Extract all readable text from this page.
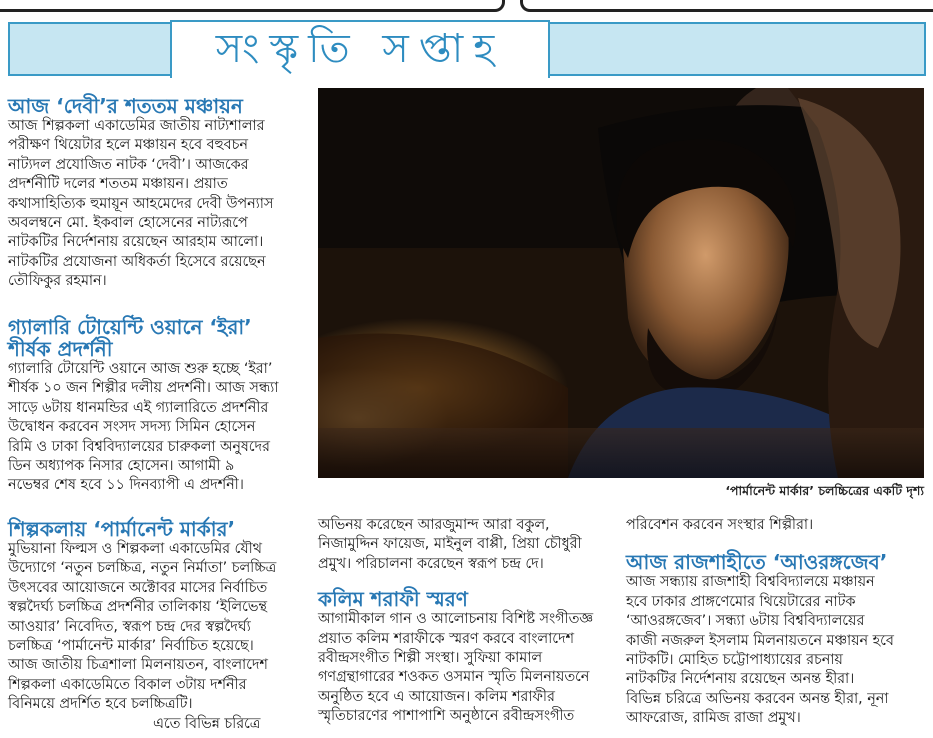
সংস্কৃতি সপ্তাহ
আজ ‘দেবী’র শততম মঞ্চায়ন
আজ শিল্পকলা একাডেমির জাতীয় নাট্যশালার
পরীক্ষণ থিয়েটার হলে মঞ্চায়ন হবে বহুবচন
নাট্যদল প্রযোজিত নাটক ‘দেবী’। আজকের
প্রদর্শনীটি দলের শততম মঞ্চায়ন। প্রয়াত
কথাসাহিত্যিক হুমায়ূন আহমেদের দেবী উপন্যাস
অবলম্বনে মো. ইকবাল হোসেনের নাট্যরূপে
নাটকটির নির্দেশনায় রয়েছেন আরহাম আলো।
নাটকটির প্রযোজনা অধিকর্তা হিসেবে রয়েছেন
তৌফিকুর রহমান।
গ্যালারি টোয়েন্টি ওয়ানে ‘ইরা’
শীর্ষক প্রদর্শনী
গ্যালারি টোয়েন্টি ওয়ানে আজ শুরু হচ্ছে ‘ইরা’
শীর্ষক ১০ জন শিল্পীর দলীয় প্রদর্শনী। আজ সন্ধ্যা
সাড়ে ৬টায় ধানমন্ডির এই গ্যালারিতে প্রদর্শনীর
উদ্বোধন করবেন সংসদ সদস্য সিমিন হোসেন
রিমি ও ঢাকা বিশ্ববিদ্যালয়ের চারুকলা অনুষদের
ডিন অধ্যাপক নিসার হোসেন। আগামী ৯
নভেম্বর শেষ হবে ১১ দিনব্যাপী এ প্রদর্শনী।
শিল্পকলায় ‘পার্মানেন্ট মার্কার’
মুভিয়ানা ফিল্মস ও শিল্পকলা একাডেমির যৌথ
উদ্যোগে ‘নতুন চলচ্চিত্র, নতুন নির্মাতা’ চলচ্চিত্র
উৎসবের আয়োজনে অক্টোবর মাসের নির্বাচিত
স্বল্পদৈর্ঘ্য চলচ্চিত্র প্রদর্শনীর তালিকায় ‘ইলিভেন্থ
আওয়ার’ নিবেদিত, স্বরূপ চন্দ্র দের স্বল্পদৈর্ঘ্য
চলচ্চিত্র ‘পার্মানেন্ট মার্কার’ নির্বাচিত হয়েছে।
আজ জাতীয় চিত্রশালা মিলনায়তন, বাংলাদেশ
শিল্পকলা একাডেমিতে বিকাল ৩টায় দর্শনীর
বিনিময়ে প্রদর্শিত হবে চলচ্চিত্রটি।
এতে বিভিন্ন চরিত্রে
‘পার্মানেন্ট মার্কার’ চলচ্চিত্রের একটি দৃশ্য
অভিনয় করেছেন আরজুমান্দ আরা বকুল,
নিজামুদ্দিন ফায়েজ, মাইনুল বাপ্পী, প্রিয়া চৌধুরী
প্রমুখ। পরিচালনা করেছেন স্বরূপ চন্দ্র দে।
কলিম শরাফী স্মরণ
আগামীকাল গান ও আলোচনায় বিশিষ্ট সংগীতজ্ঞ
প্রয়াত কলিম শরাফীকে স্মরণ করবে বাংলাদেশ
রবীন্দ্রসংগীত শিল্পী সংস্থা। সুফিয়া কামাল
গণগ্রন্থাগারের শওকত ওসমান স্মৃতি মিলনায়তনে
অনুষ্ঠিত হবে এ আয়োজন। কলিম শরাফীর
স্মৃতিচারণের পাশাপাশি অনুষ্ঠানে রবীন্দ্রসংগীত
পরিবেশন করবেন সংস্থার শিল্পীরা।
আজ রাজশাহীতে ‘আওরঙ্গজেব’
আজ সন্ধ্যায় রাজশাহী বিশ্ববিদ্যালয়ে মঞ্চায়ন
হবে ঢাকার প্রাঙ্গণেমোর থিয়েটারের নাটক
‘আওরঙ্গজেব’। সন্ধ্যা ৬টায় বিশ্ববিদ্যালয়ের
কাজী নজরুল ইসলাম মিলনায়তনে মঞ্চায়ন হবে
নাটকটি। মোহিত চট্টোপাধ্যায়ের রচনায়
নাটকটির নির্দেশনায় রয়েছেন অনন্ত হীরা।
বিভিন্ন চরিত্রে অভিনয় করবেন অনন্ত হীরা, নূনা
আফরোজ, রামিজ রাজা প্রমুখ।
